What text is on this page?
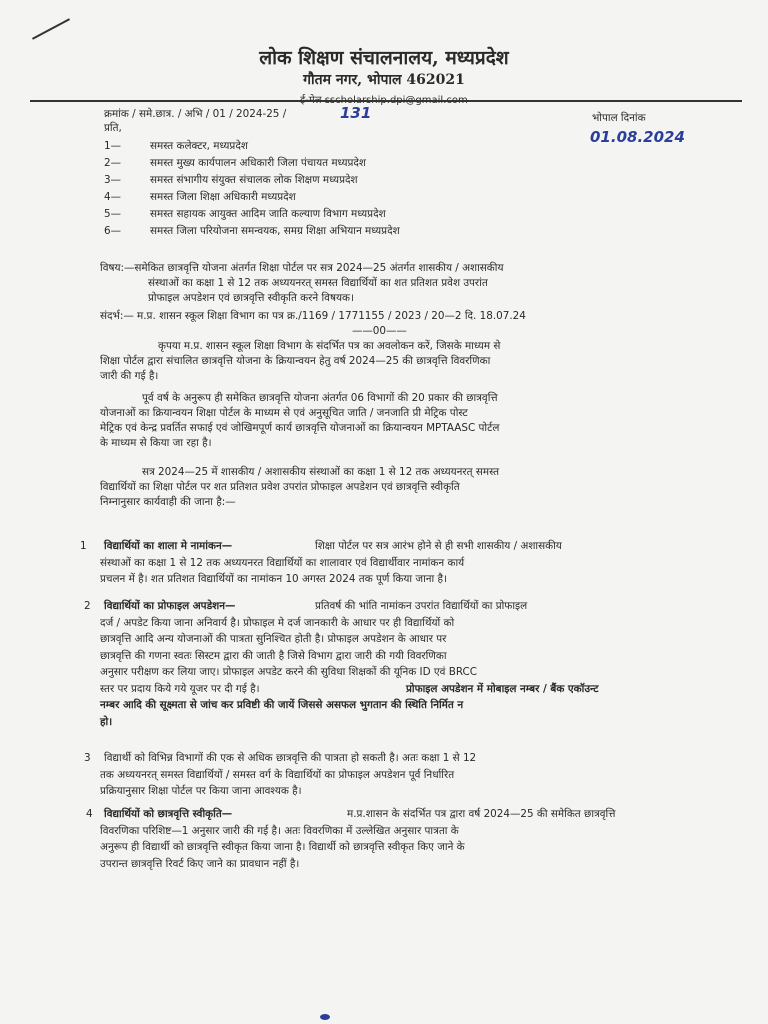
लोक शिक्षण संचालनालय, मध्यप्रदेश
गौतम नगर, भोपाल 462021
क्रमांक / समे.छात्र. / अभि / 01 / 2024-25 /	131	भोपाल दिनांक
01.08.2024
प्रति,
1—	समस्त कलेक्टर, मध्यप्रदेश
2—	समस्त मुख्य कार्यपालन अधिकारी जिला पंचायत मध्यप्रदेश
3—	समस्त संभागीय संयुक्त संचालक लोक शिक्षण मध्यप्रदेश
4—	समस्त जिला शिक्षा अधिकारी मध्यप्रदेश
5—	समस्त सहायक आयुक्त आदिम जाति कल्याण विभाग मध्यप्रदेश
6—	समस्त जिला परियोजना समन्वयक, समग्र शिक्षा अभियान मध्यप्रदेश
विषय:—समेकित छात्रवृत्ति योजना अंतर्गत शिक्षा पोर्टल पर सत्र 2024—25 अंतर्गत शासकीय / अशासकीय
संस्थाओं का कक्षा 1 से 12 तक अध्ययनरत् समस्त विद्यार्थियों का शत प्रतिशत प्रवेश उपरांत
प्रोफाइल अपडेशन एवं छात्रवृत्ति स्वीकृति करने विषयक।
संदर्भ:— म.प्र. शासन स्कूल शिक्षा विभाग का पत्र क्र./1169 / 1771155 / 2023 / 20—2 दि. 18.07.24
——00——
कृपया म.प्र. शासन स्कूल शिक्षा विभाग के संदर्भित पत्र का अवलोकन करें, जिसके माध्यम से
शिक्षा पोर्टल द्वारा संचालित छात्रवृत्ति योजना के क्रियान्वयन हेतु वर्ष 2024—25 की छात्रवृत्ति विवरणिका
जारी की गई है।
पूर्व वर्ष के अनुरूप ही समेकित छात्रवृत्ति योजना अंतर्गत 06 विभागों की 20 प्रकार की छात्रवृत्ति
योजनाओं का क्रियान्वयन शिक्षा पोर्टल के माध्यम से एवं अनुसूचित जाति / जनजाति प्री मेट्रिक पोस्ट
मेट्रिक एवं केन्द्र प्रवर्तित सफाई एवं जोखिमपूर्ण कार्य छात्रवृत्ति योजनाओं का क्रियान्वयन MPTAASC पोर्टल
के माध्यम से किया जा रहा है।
सत्र 2024—25 में शासकीय / अशासकीय संस्थाओं का कक्षा 1 से 12 तक अध्ययनरत् समस्त
विद्यार्थियों का शिक्षा पोर्टल पर शत प्रतिशत प्रवेश उपरांत प्रोफाइल अपडेशन एवं छात्रवृत्ति स्वीकृति
निम्नानुसार कार्यवाही की जाना है:—
1 विद्यार्थियों का शाला मे नामांकन—	शिक्षा पोर्टल पर सत्र आरंभ होने से ही सभी शासकीय / अशासकीय
संस्थाओं का कक्षा 1 से 12 तक अध्ययनरत विद्यार्थियों का शालावार एवं विद्यार्थीवार नामांकन कार्य
प्रचलन में है। शत प्रतिशत विद्यार्थियों का नामांकन 10 अगस्त 2024 तक पूर्ण किया जाना है।
2 विद्यार्थियों का प्रोफाइल अपडेशन—	प्रतिवर्ष की भांति नामांकन उपरांत विद्यार्थियों का प्रोफाइल
दर्ज / अपडेट किया जाना अनिवार्य है। प्रोफाइल मे दर्ज जानकारी के आधार पर ही विद्यार्थियों को
छात्रवृत्ति आदि अन्य योजनाओं की पात्रता सुनिश्चित होती है। प्रोफाइल अपडेशन के आधार पर
छात्रवृत्ति की गणना स्वतः सिस्टम द्वारा की जाती है जिसे विभाग द्वारा जारी की गयी विवरणिका
अनुसार परीक्षण कर लिया जाए। प्रोफाइल अपडेट करने की सुविधा शिक्षकों की यूनिक ID एवं BRCC
स्तर पर प्रदाय किये गये यूजर पर दी गई है।	प्रोफाइल अपडेशन में मोबाइल नम्बर / बैंक एकॉउन्ट
नम्बर आदि की सूक्ष्मता से जांच कर प्रविष्टी की जायें जिससे असफल भुगतान की स्थिति निर्मित न
हो।
3 विद्यार्थी को विभिन्न विभागों की एक से अधिक छात्रवृत्ति की पात्रता हो सकती है। अतः कक्षा 1 से 12
तक अध्ययनरत् समस्त विद्यार्थियों / समस्त वर्ग के विद्यार्थियों का प्रोफाइल अपडेशन पूर्व निर्धारित
प्रक्रियानुसार शिक्षा पोर्टल पर किया जाना आवश्यक है।
4 विद्यार्थियों को छात्रवृत्ति स्वीकृति—	म.प्र.शासन के संदर्भित पत्र द्वारा वर्ष 2024—25 की समेकित छात्रवृत्ति
विवरणिका परिशिष्ट—1 अनुसार जारी की गई है। अतः विवरणिका में उल्लेखित अनुसार पात्रता के
अनुरूप ही विद्यार्थी को छात्रवृत्ति स्वीकृत किया जाना है। विद्यार्थी को छात्रवृत्ति स्वीकृत किए जाने के
उपरान्त छात्रवृत्ति रिवर्ट किए जाने का प्रावधान नहीं है।
